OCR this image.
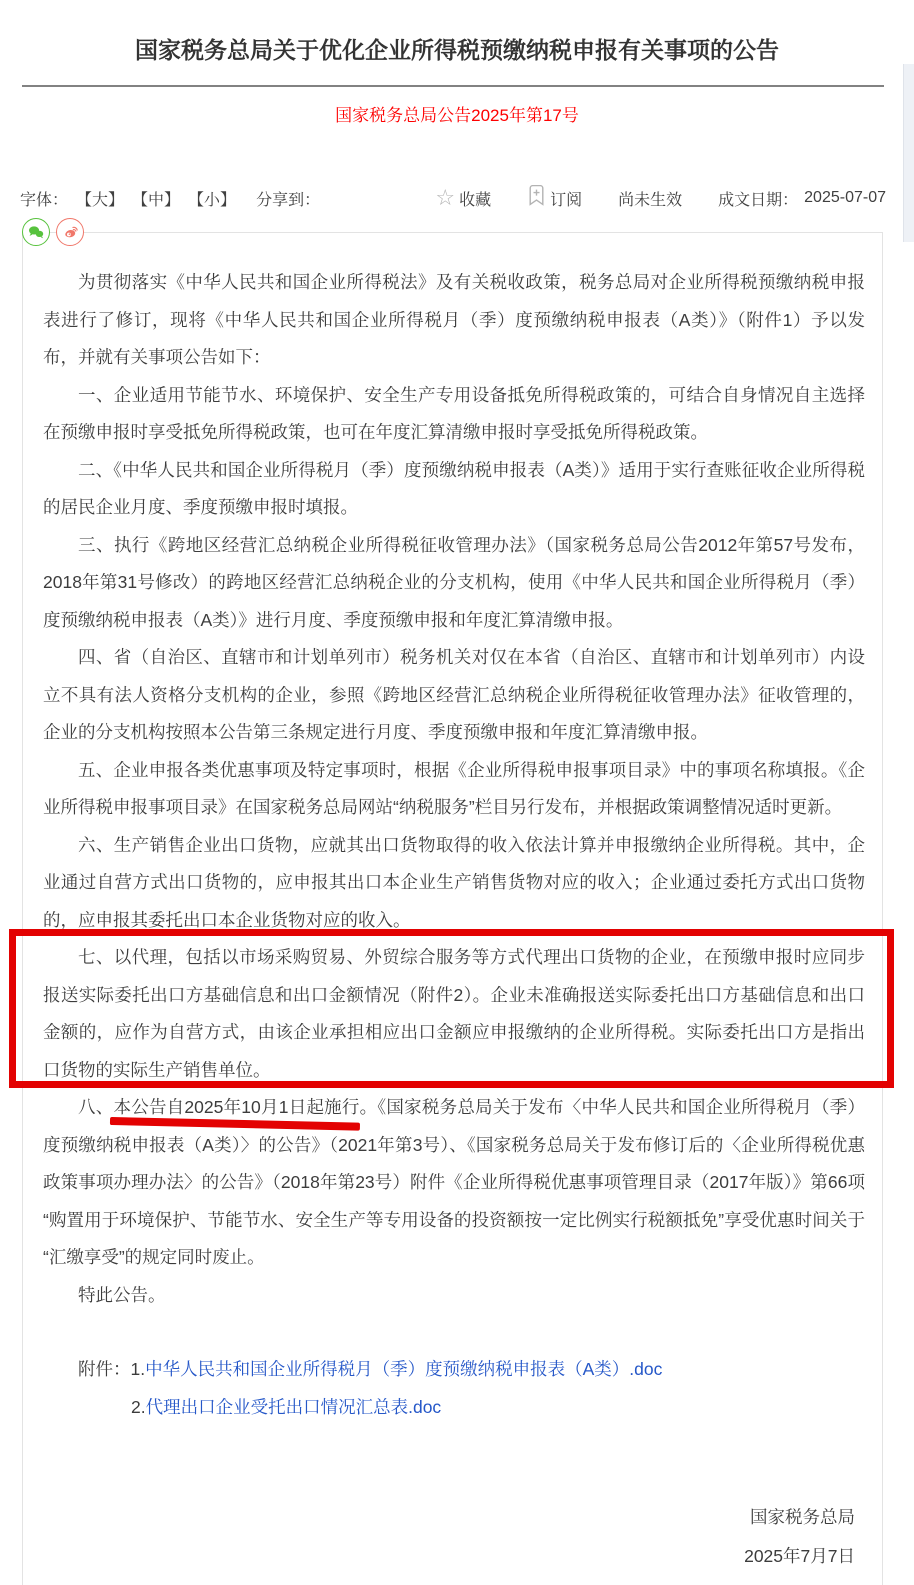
国家税务总局关于优化企业所得税预缴纳税申报有关事项的公告
国家税务总局公告2025年第17号
字体： 【大】 【中】 【小】 分享到：	☆ 收藏	订阅 尚未生效 成文日期： 2025-07-07

为贯彻落实《中华人民共和国企业所得税法》及有关税收政策，税务总局对企业所得税预缴纳税申报表进行了修订，现将《中华人民共和国企业所得税月（季）度预缴纳税申报表（A类）》（附件1）予以发布，并就有关事项公告如下：

一、企业适用节能节水、环境保护、安全生产专用设备抵免所得税政策的，可结合自身情况自主选择在预缴申报时享受抵免所得税政策，也可在年度汇算清缴申报时享受抵免所得税政策。

二、《中华人民共和国企业所得税月（季）度预缴纳税申报表（A类）》适用于实行查账征收企业所得税的居民企业月度、季度预缴申报时填报。

三、执行《跨地区经营汇总纳税企业所得税征收管理办法》（国家税务总局公告2012年第57号发布，2018年第31号修改）的跨地区经营汇总纳税企业的分支机构，使用《中华人民共和国企业所得税月（季）度预缴纳税申报表（A类）》进行月度、季度预缴申报和年度汇算清缴申报。

四、省（自治区、直辖市和计划单列市）税务机关对仅在本省（自治区、直辖市和计划单列市）内设立不具有法人资格分支机构的企业，参照《跨地区经营汇总纳税企业所得税征收管理办法》征收管理的，企业的分支机构按照本公告第三条规定进行月度、季度预缴申报和年度汇算清缴申报。

五、企业申报各类优惠事项及特定事项时，根据《企业所得税申报事项目录》中的事项名称填报。《企业所得税申报事项目录》在国家税务总局网站“纳税服务”栏目另行发布，并根据政策调整情况适时更新。

六、生产销售企业出口货物，应就其出口货物取得的收入依法计算并申报缴纳企业所得税。其中，企业通过自营方式出口货物的，应申报其出口本企业生产销售货物对应的收入；企业通过委托方式出口货物的，应申报其委托出口本企业货物对应的收入。

七、以代理，包括以市场采购贸易、外贸综合服务等方式代理出口货物的企业，在预缴申报时应同步报送实际委托出口方基础信息和出口金额情况（附件2）。企业未准确报送实际委托出口方基础信息和出口金额的，应作为自营方式，由该企业承担相应出口金额应申报缴纳的企业所得税。实际委托出口方是指出口货物的实际生产销售单位。

八、本公告自2025年10月1日起施行。《国家税务总局关于发布〈中华人民共和国企业所得税月（季）度预缴纳税申报表（A类）〉的公告》（2021年第3号）、《国家税务总局关于发布修订后的〈企业所得税优惠政策事项办理办法〉的公告》（2018年第23号）附件《企业所得税优惠事项管理目录（2017年版）》第66项“购置用于环境保护、节能节水、安全生产等专用设备的投资额按一定比例实行税额抵免”享受优惠时间关于“汇缴享受”的规定同时废止。

特此公告。

附件：1.中华人民共和国企业所得税月（季）度预缴纳税申报表（A类）.doc
2.代理出口企业受托出口情况汇总表.doc
国家税务总局
2025年7月7日
